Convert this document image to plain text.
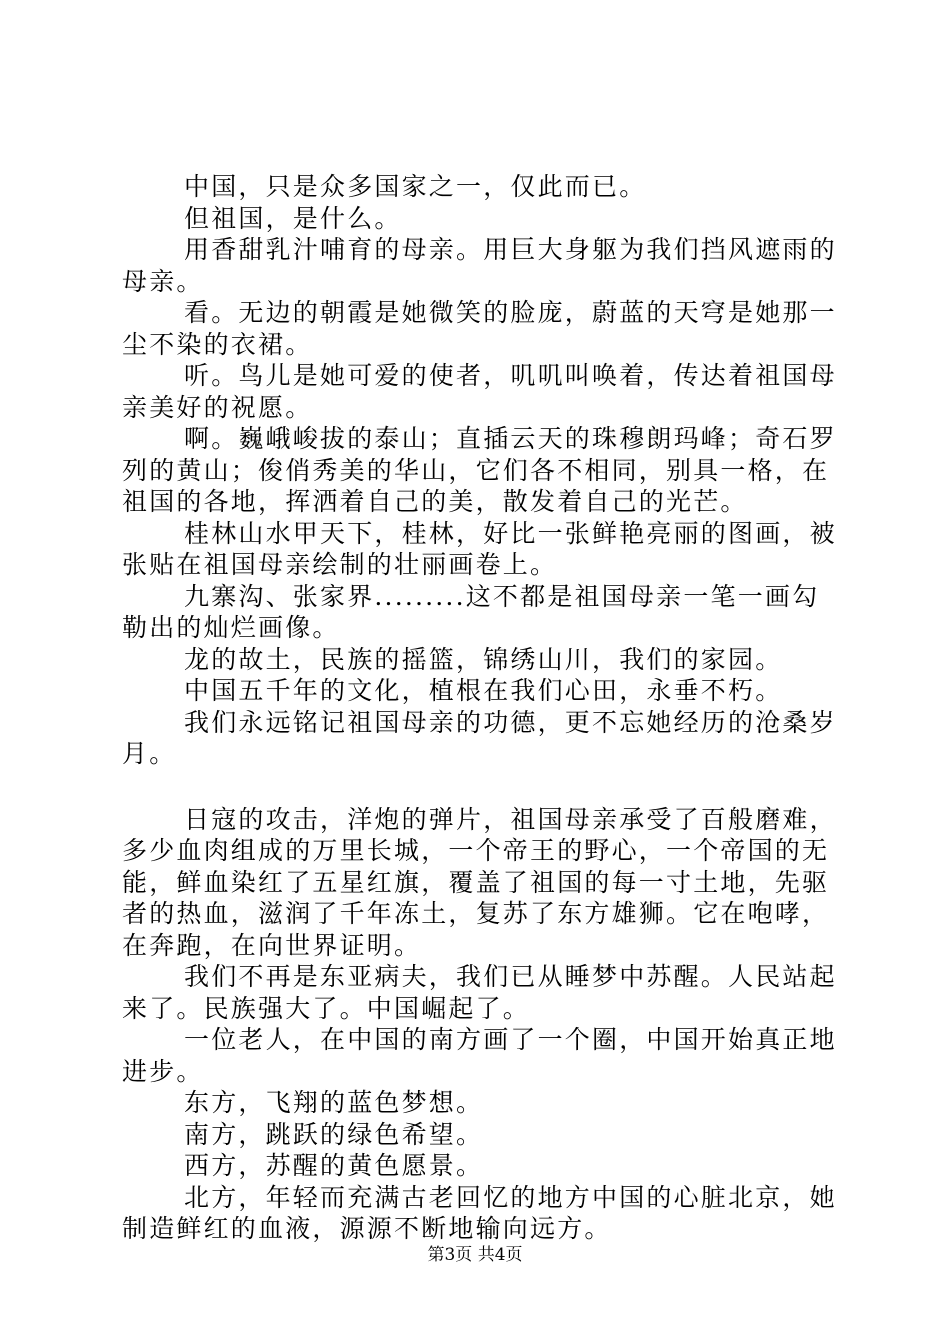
中国，只是众多国家之一，仅此而已。

但祖国，是什么。

用香甜乳汁哺育的母亲。用巨大身躯为我们挡风遮雨的母亲。

看。无边的朝霞是她微笑的脸庞，蔚蓝的天穹是她那一尘不染的衣裙。

听。鸟儿是她可爱的使者，叽叽叫唤着，传达着祖国母亲美好的祝愿。

啊。巍峨峻拔的泰山；直插云天的珠穆朗玛峰；奇石罗列的黄山；俊俏秀美的华山，它们各不相同，别具一格，在祖国的各地，挥洒着自己的美，散发着自己的光芒。

桂林山水甲天下，桂林，好比一张鲜艳亮丽的图画，被张贴在祖国母亲绘制的壮丽画卷上。

九寨沟、张家界.........这不都是祖国母亲一笔一画勾勒出的灿烂画像。

龙的故土，民族的摇篮，锦绣山川，我们的家园。

中国五千年的文化，植根在我们心田，永垂不朽。

我们永远铭记祖国母亲的功德，更不忘她经历的沧桑岁月。

日寇的攻击，洋炮的弹片，祖国母亲承受了百般磨难，多少血肉组成的万里长城，一个帝王的野心，一个帝国的无能，鲜血染红了五星红旗，覆盖了祖国的每一寸土地，先驱者的热血，滋润了千年冻土，复苏了东方雄狮。它在咆哮，在奔跑，在向世界证明。

我们不再是东亚病夫，我们已从睡梦中苏醒。人民站起来了。民族强大了。中国崛起了。

一位老人，在中国的南方画了一个圈，中国开始真正地进步。

东方，飞翔的蓝色梦想。

南方，跳跃的绿色希望。

西方，苏醒的黄色愿景。

北方，年轻而充满古老回忆的地方中国的心脏北京，她制造鲜红的血液，源源不断地输向远方。

第3页 共4页
